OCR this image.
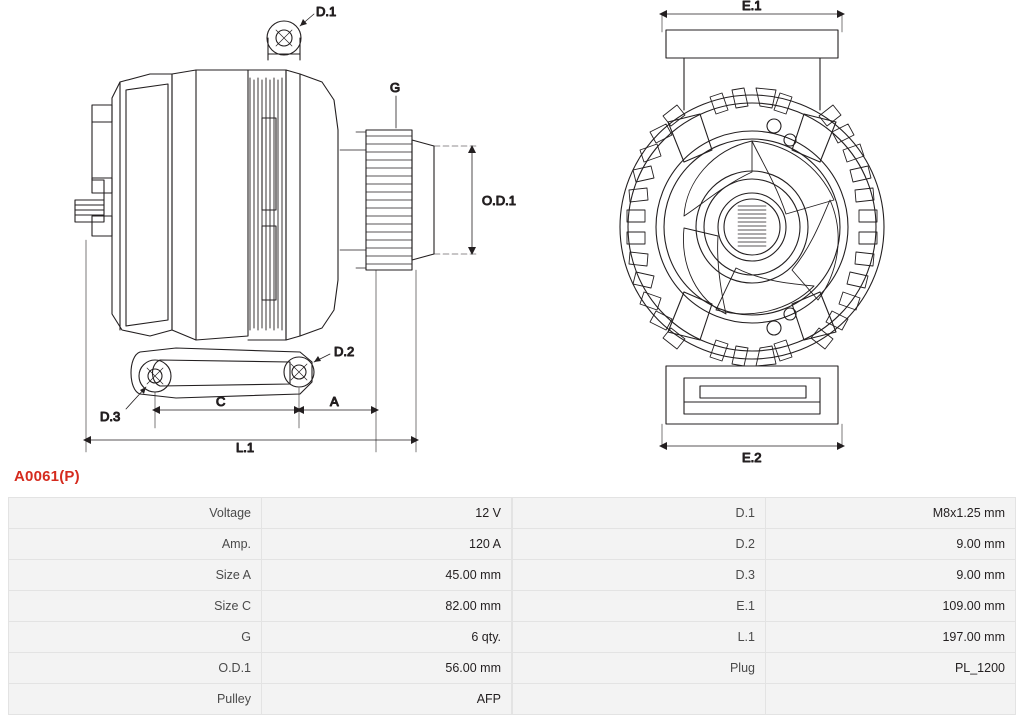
G
O.D.1
D.1
D.2
D.3
C	A
L.1
E.1
E.2
A0061(P)
Voltage	12 V
Amp.	120 A
Size A	45.00 mm
Size C	82.00 mm
G	6 qty.
O.D.1	56.00 mm
Pulley	AFP
D.1	M8x1.25 mm
D.2	9.00 mm
D.3	9.00 mm
E.1	109.00 mm
L.1	197.00 mm
Plug	PL_1200
